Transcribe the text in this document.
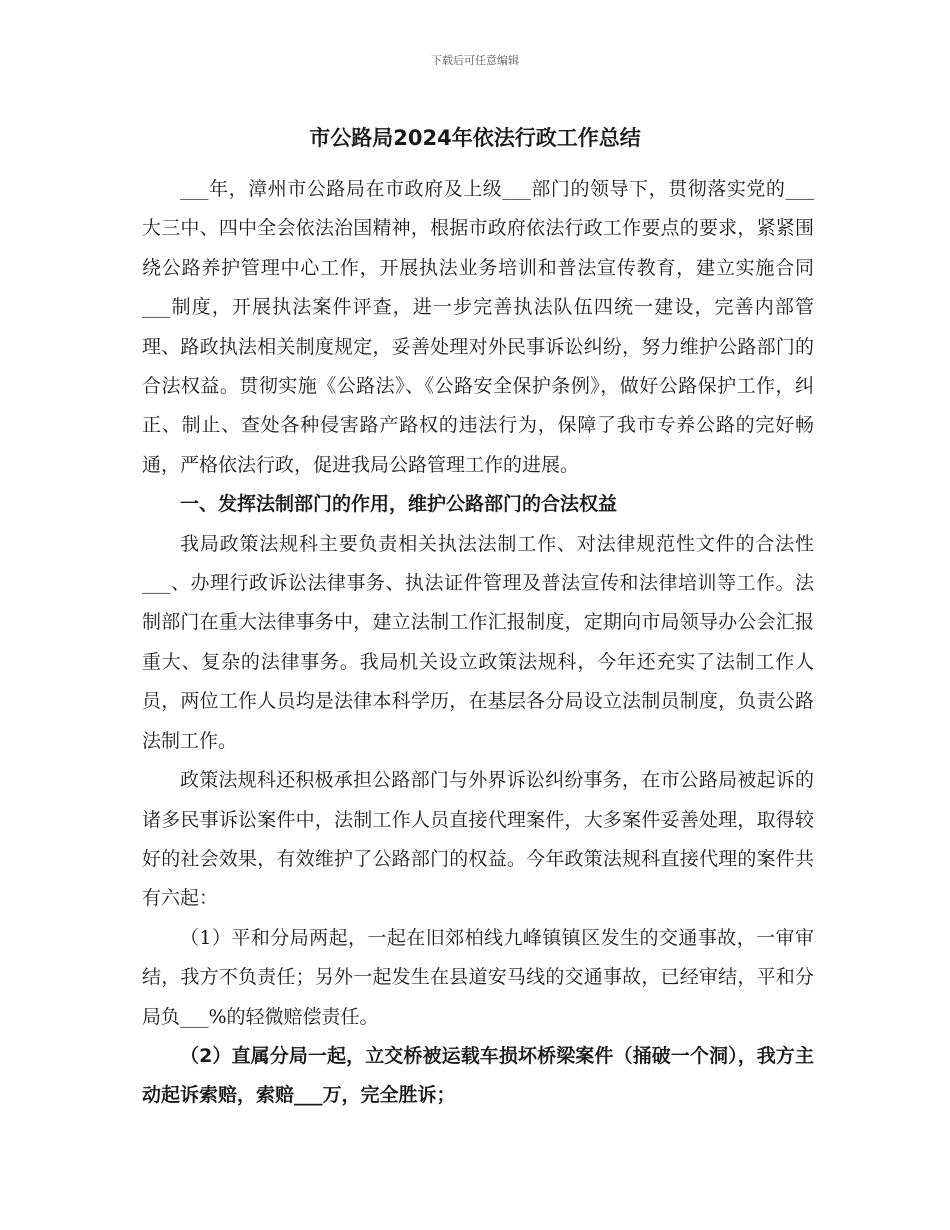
下载后可任意编辑
市公路局2024年依法行政工作总结

___年，漳州市公路局在市政府及上级___部门的领导下，贯彻落实党的___大三中、四中全会依法治国精神，根据市政府依法行政工作要点的要求，紧紧围绕公路养护管理中心工作，开展执法业务培训和普法宣传教育，建立实施合同___制度，开展执法案件评查，进一步完善执法队伍四统一建设，完善内部管理、路政执法相关制度规定，妥善处理对外民事诉讼纠纷，努力维护公路部门的合法权益。贯彻实施《公路法》、《公路安全保护条例》，做好公路保护工作，纠正、制止、查处各种侵害路产路权的违法行为，保障了我市专养公路的完好畅通，严格依法行政，促进我局公路管理工作的进展。

一、发挥法制部门的作用，维护公路部门的合法权益

我局政策法规科主要负责相关执法法制工作、对法律规范性文件的合法性___、办理行政诉讼法律事务、执法证件管理及普法宣传和法律培训等工作。法制部门在重大法律事务中，建立法制工作汇报制度，定期向市局领导办公会汇报重大、复杂的法律事务。我局机关设立政策法规科，今年还充实了法制工作人员，两位工作人员均是法律本科学历，在基层各分局设立法制员制度，负责公路法制工作。

政策法规科还积极承担公路部门与外界诉讼纠纷事务，在市公路局被起诉的诸多民事诉讼案件中，法制工作人员直接代理案件，大多案件妥善处理，取得较好的社会效果，有效维护了公路部门的权益。今年政策法规科直接代理的案件共有六起：

（1）平和分局两起，一起在旧郊柏线九峰镇镇区发生的交通事故，一审审结，我方不负责任；另外一起发生在县道安马线的交通事故，已经审结，平和分局负___%的轻微赔偿责任。

（2）直属分局一起，立交桥被运载车损坏桥梁案件（捅破一个洞），我方主动起诉索赔，索赔___万，完全胜诉；
